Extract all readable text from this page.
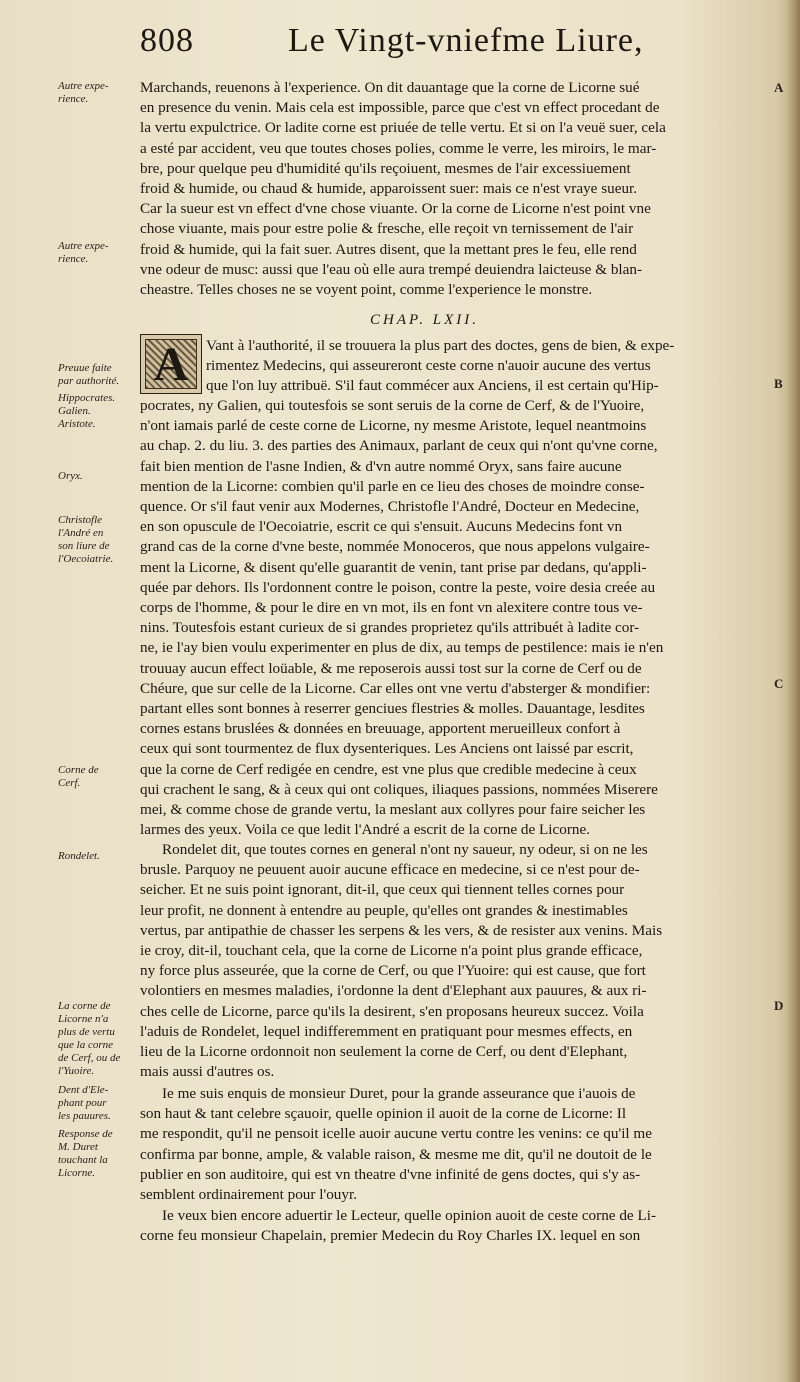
808	Le Vingt-vniefme Liure,
Autre expe-
rience.
Autre expe-
rience.
Preuue faite
par authorité.
Hippocrates.
Galien.
Aristote.
Oryx.
Christofle
l'André en
son liure de
l'Oecoiatrie.
Corne de
Cerf.
Rondelet.
La corne de
Licorne n'a
plus de vertu
que la corne
de Cerf, ou de
l'Yuoire.
Dent d'Ele-
phant pour
les pauures.
Response de
M. Duret
touchant la
Licorne.
Marchands, reuenons à l'experience. On dit dauantage que la corne de Licorne sué
en presence du venin. Mais cela est impossible, parce que c'est vn effect procedant de
la vertu expulctrice. Or ladite corne est priuée de telle vertu. Et si on l'a veuë suer, cela
a esté par accident, veu que toutes choses polies, comme le verre, les miroirs, le mar-
bre, pour quelque peu d'humidité qu'ils reçoiuent, mesmes de l'air excessiuement
froid & humide, ou chaud & humide, apparoissent suer: mais ce n'est vraye sueur.
Car la sueur est vn effect d'vne chose viuante. Or la corne de Licorne n'est point vne
chose viuante, mais pour estre polie & fresche, elle reçoit vn ternissement de l'air
froid & humide, qui la fait suer. Autres disent, que la mettant pres le feu, elle rend
vne odeur de musc: aussi que l'eau où elle aura trempé deuiendra laicteuse & blan-
cheastre. Telles choses ne se voyent point, comme l'experience le monstre.
CHAP. LXII.
A	Vant à l'authorité, il se trouuera la plus part des doctes, gens de bien, & expe-
rimentez Medecins, qui asseureront ceste corne n'auoir aucune des vertus
que l'on luy attribuë. S'il faut commécer aux Anciens, il est certain qu'Hip-
pocrates, ny Galien, qui toutesfois se sont seruis de la corne de Cerf, & de l'Yuoire,
n'ont iamais parlé de ceste corne de Licorne, ny mesme Aristote, lequel neantmoins
au chap. 2. du liu. 3. des parties des Animaux, parlant de ceux qui n'ont qu'vne corne,
fait bien mention de l'asne Indien, & d'vn autre nommé Oryx, sans faire aucune
mention de la Licorne: combien qu'il parle en ce lieu des choses de moindre conse-
quence. Or s'il faut venir aux Modernes, Christofle l'André, Docteur en Medecine,
en son opuscule de l'Oecoiatrie, escrit ce qui s'ensuit. Aucuns Medecins font vn
grand cas de la corne d'vne beste, nommée Monoceros, que nous appelons vulgaire-
ment la Licorne, & disent qu'elle guarantit de venin, tant prise par dedans, qu'appli-
quée par dehors. Ils l'ordonnent contre le poison, contre la peste, voire desia creée au
corps de l'homme, & pour le dire en vn mot, ils en font vn alexitere contre tous ve-
nins. Toutesfois estant curieux de si grandes proprietez qu'ils attribuét à ladite cor-
ne, ie l'ay bien voulu experimenter en plus de dix, au temps de pestilence: mais ie n'en
trouuay aucun effect loüable, & me reposerois aussi tost sur la corne de Cerf ou de
Chéure, que sur celle de la Licorne. Car elles ont vne vertu d'absterger & mondifier:
partant elles sont bonnes à reserrer genciues flestries & molles. Dauantage, lesdites
cornes estans bruslées & données en breuuage, apportent merueilleux confort à
ceux qui sont tourmentez de flux dysenteriques. Les Anciens ont laissé par escrit,
que la corne de Cerf redigée en cendre, est vne plus que credible medecine à ceux
qui crachent le sang, & à ceux qui ont coliques, iliaques passions, nommées Miserere
mei, & comme chose de grande vertu, la meslant aux collyres pour faire seicher les
larmes des yeux. Voila ce que ledit l'André a escrit de la corne de Licorne.
Rondelet dit, que toutes cornes en general n'ont ny saueur, ny odeur, si on ne les
brusle. Parquoy ne peuuent auoir aucune efficace en medecine, si ce n'est pour de-
seicher. Et ne suis point ignorant, dit-il, que ceux qui tiennent telles cornes pour
leur profit, ne donnent à entendre au peuple, qu'elles ont grandes & inestimables
vertus, par antipathie de chasser les serpens & les vers, & de resister aux venins. Mais
ie croy, dit-il, touchant cela, que la corne de Licorne n'a point plus grande efficace,
ny force plus asseurée, que la corne de Cerf, ou que l'Yuoire: qui est cause, que fort
volontiers en mesmes maladies, i'ordonne la dent d'Elephant aux pauures, & aux ri-
ches celle de Licorne, parce qu'ils la desirent, s'en proposans heureux succez. Voila
l'aduis de Rondelet, lequel indifferemment en pratiquant pour mesmes effects, en
lieu de la Licorne ordonnoit non seulement la corne de Cerf, ou dent d'Elephant,
mais aussi d'autres os.
Ie me suis enquis de monsieur Duret, pour la grande asseurance que i'auois de
son haut & tant celebre sçauoir, quelle opinion il auoit de la corne de Licorne: Il
me respondit, qu'il ne pensoit icelle auoir aucune vertu contre les venins: ce qu'il me
confirma par bonne, ample, & valable raison, & mesme me dit, qu'il ne doutoit de le
publier en son auditoire, qui est vn theatre d'vne infinité de gens doctes, qui s'y as-
semblent ordinairement pour l'ouyr.
Ie veux bien encore aduertir le Lecteur, quelle opinion auoit de ceste corne de Li-
corne feu monsieur Chapelain, premier Medecin du Roy Charles IX. lequel en son
A
B
C
D
